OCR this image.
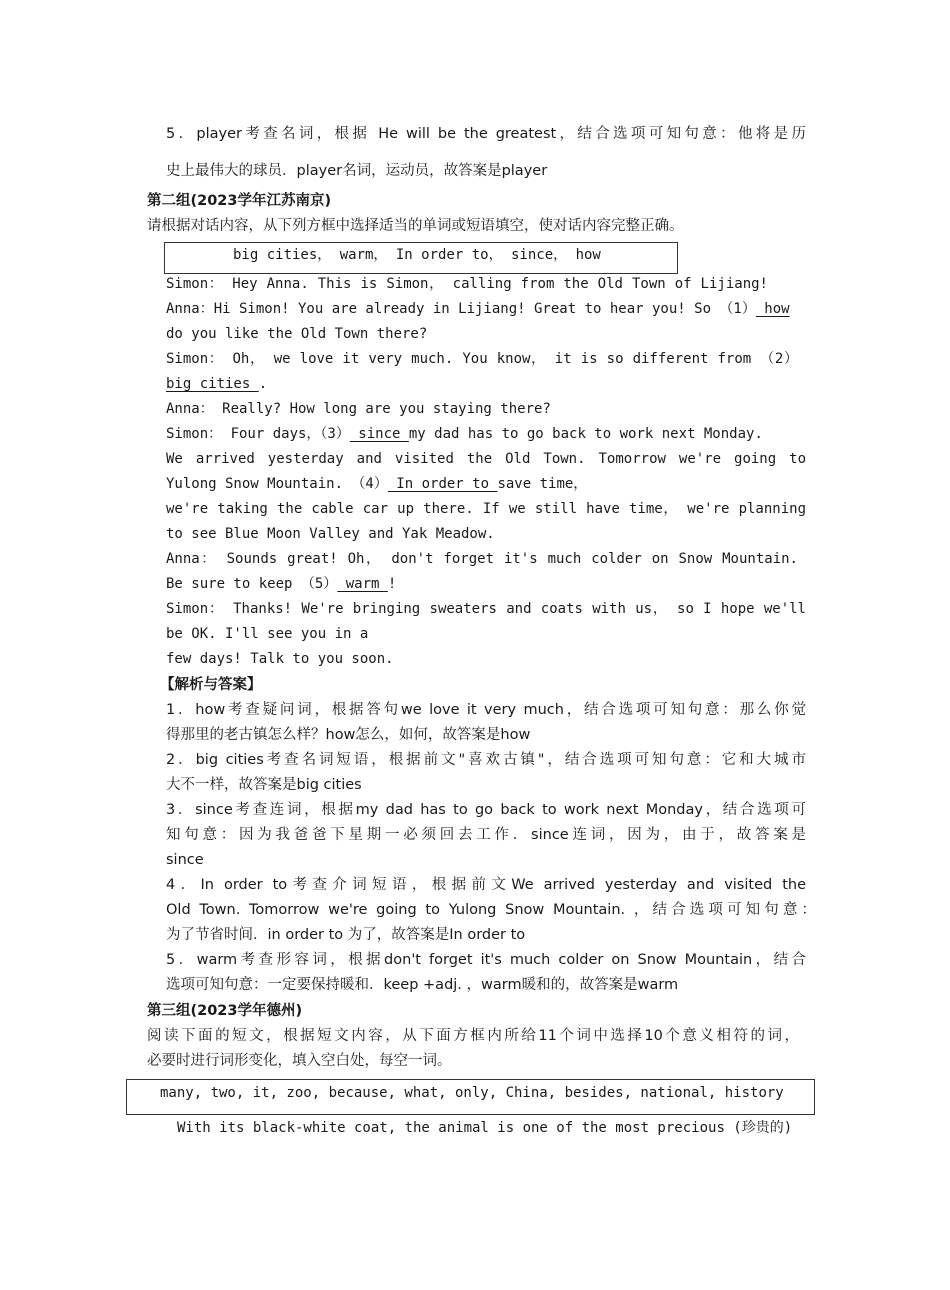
5．player考查名词，根据 He will be the greatest，结合选项可知句意：他将是历
史上最伟大的球员．player名词，运动员，故答案是player
第二组(2023学年江苏南京)
请根据对话内容，从下列方框中选择适当的单词或短语填空，使对话内容完整正确。
big cities， warm， In order to， since， how
Simon： Hey Anna. This is Simon， calling from the Old Town of Lijiang!
Anna：Hi Simon! You are already in Lijiang! Great to hear you! So （1） how
do you like the Old Town there?
Simon： Oh， we love it very much. You know， it is so different from （2）
big cities .
Anna： Really? How long are you staying there?
Simon： Four days，（3） since my dad has to go back to work next Monday.
We arrived yesterday and visited the Old Town. Tomorrow we're going to
Yulong Snow Mountain. （4） In order to save time，
we're taking the cable car up there. If we still have time， we're planning
to see Blue Moon Valley and Yak Meadow.
Anna： Sounds great! Oh， don't forget it's much colder on Snow Mountain.
Be sure to keep （5） warm !
Simon： Thanks! We're bringing sweaters and coats with us， so I hope we'll
be OK. I'll see you in a
few days! Talk to you soon.
【解析与答案】
1．how考查疑问词，根据答句we love it very much，结合选项可知句意：那么你觉
得那里的老古镇怎么样？how怎么，如何，故答案是how
2．big cities考查名词短语，根据前文"喜欢古镇"，结合选项可知句意：它和大城市
大不一样，故答案是big cities
3．since考查连词，根据my dad has to go back to work next Monday，结合选项可
知句意：因为我爸爸下星期一必须回去工作．since连词，因为，由于，故答案是
since
4．In order to考查介词短语，根据前文We arrived yesterday and visited the
Old Town. Tomorrow we're going to Yulong Snow Mountain. ，结合选项可知句意：
为了节省时间．in order to 为了，故答案是In order to
5．warm考查形容词，根据don't forget it's much colder on Snow Mountain，结合
选项可知句意：一定要保持暖和．keep +adj. ，warm暖和的，故答案是warm
第三组(2023学年德州)
阅读下面的短文，根据短文内容，从下面方框内所给11个词中选择10个意义相符的词，
必要时进行词形变化，填入空白处，每空一词。
many, two, it, zoo, because, what, only, China, besides, national, history
With its black-white coat, the animal is one of the most precious (珍贵的)
